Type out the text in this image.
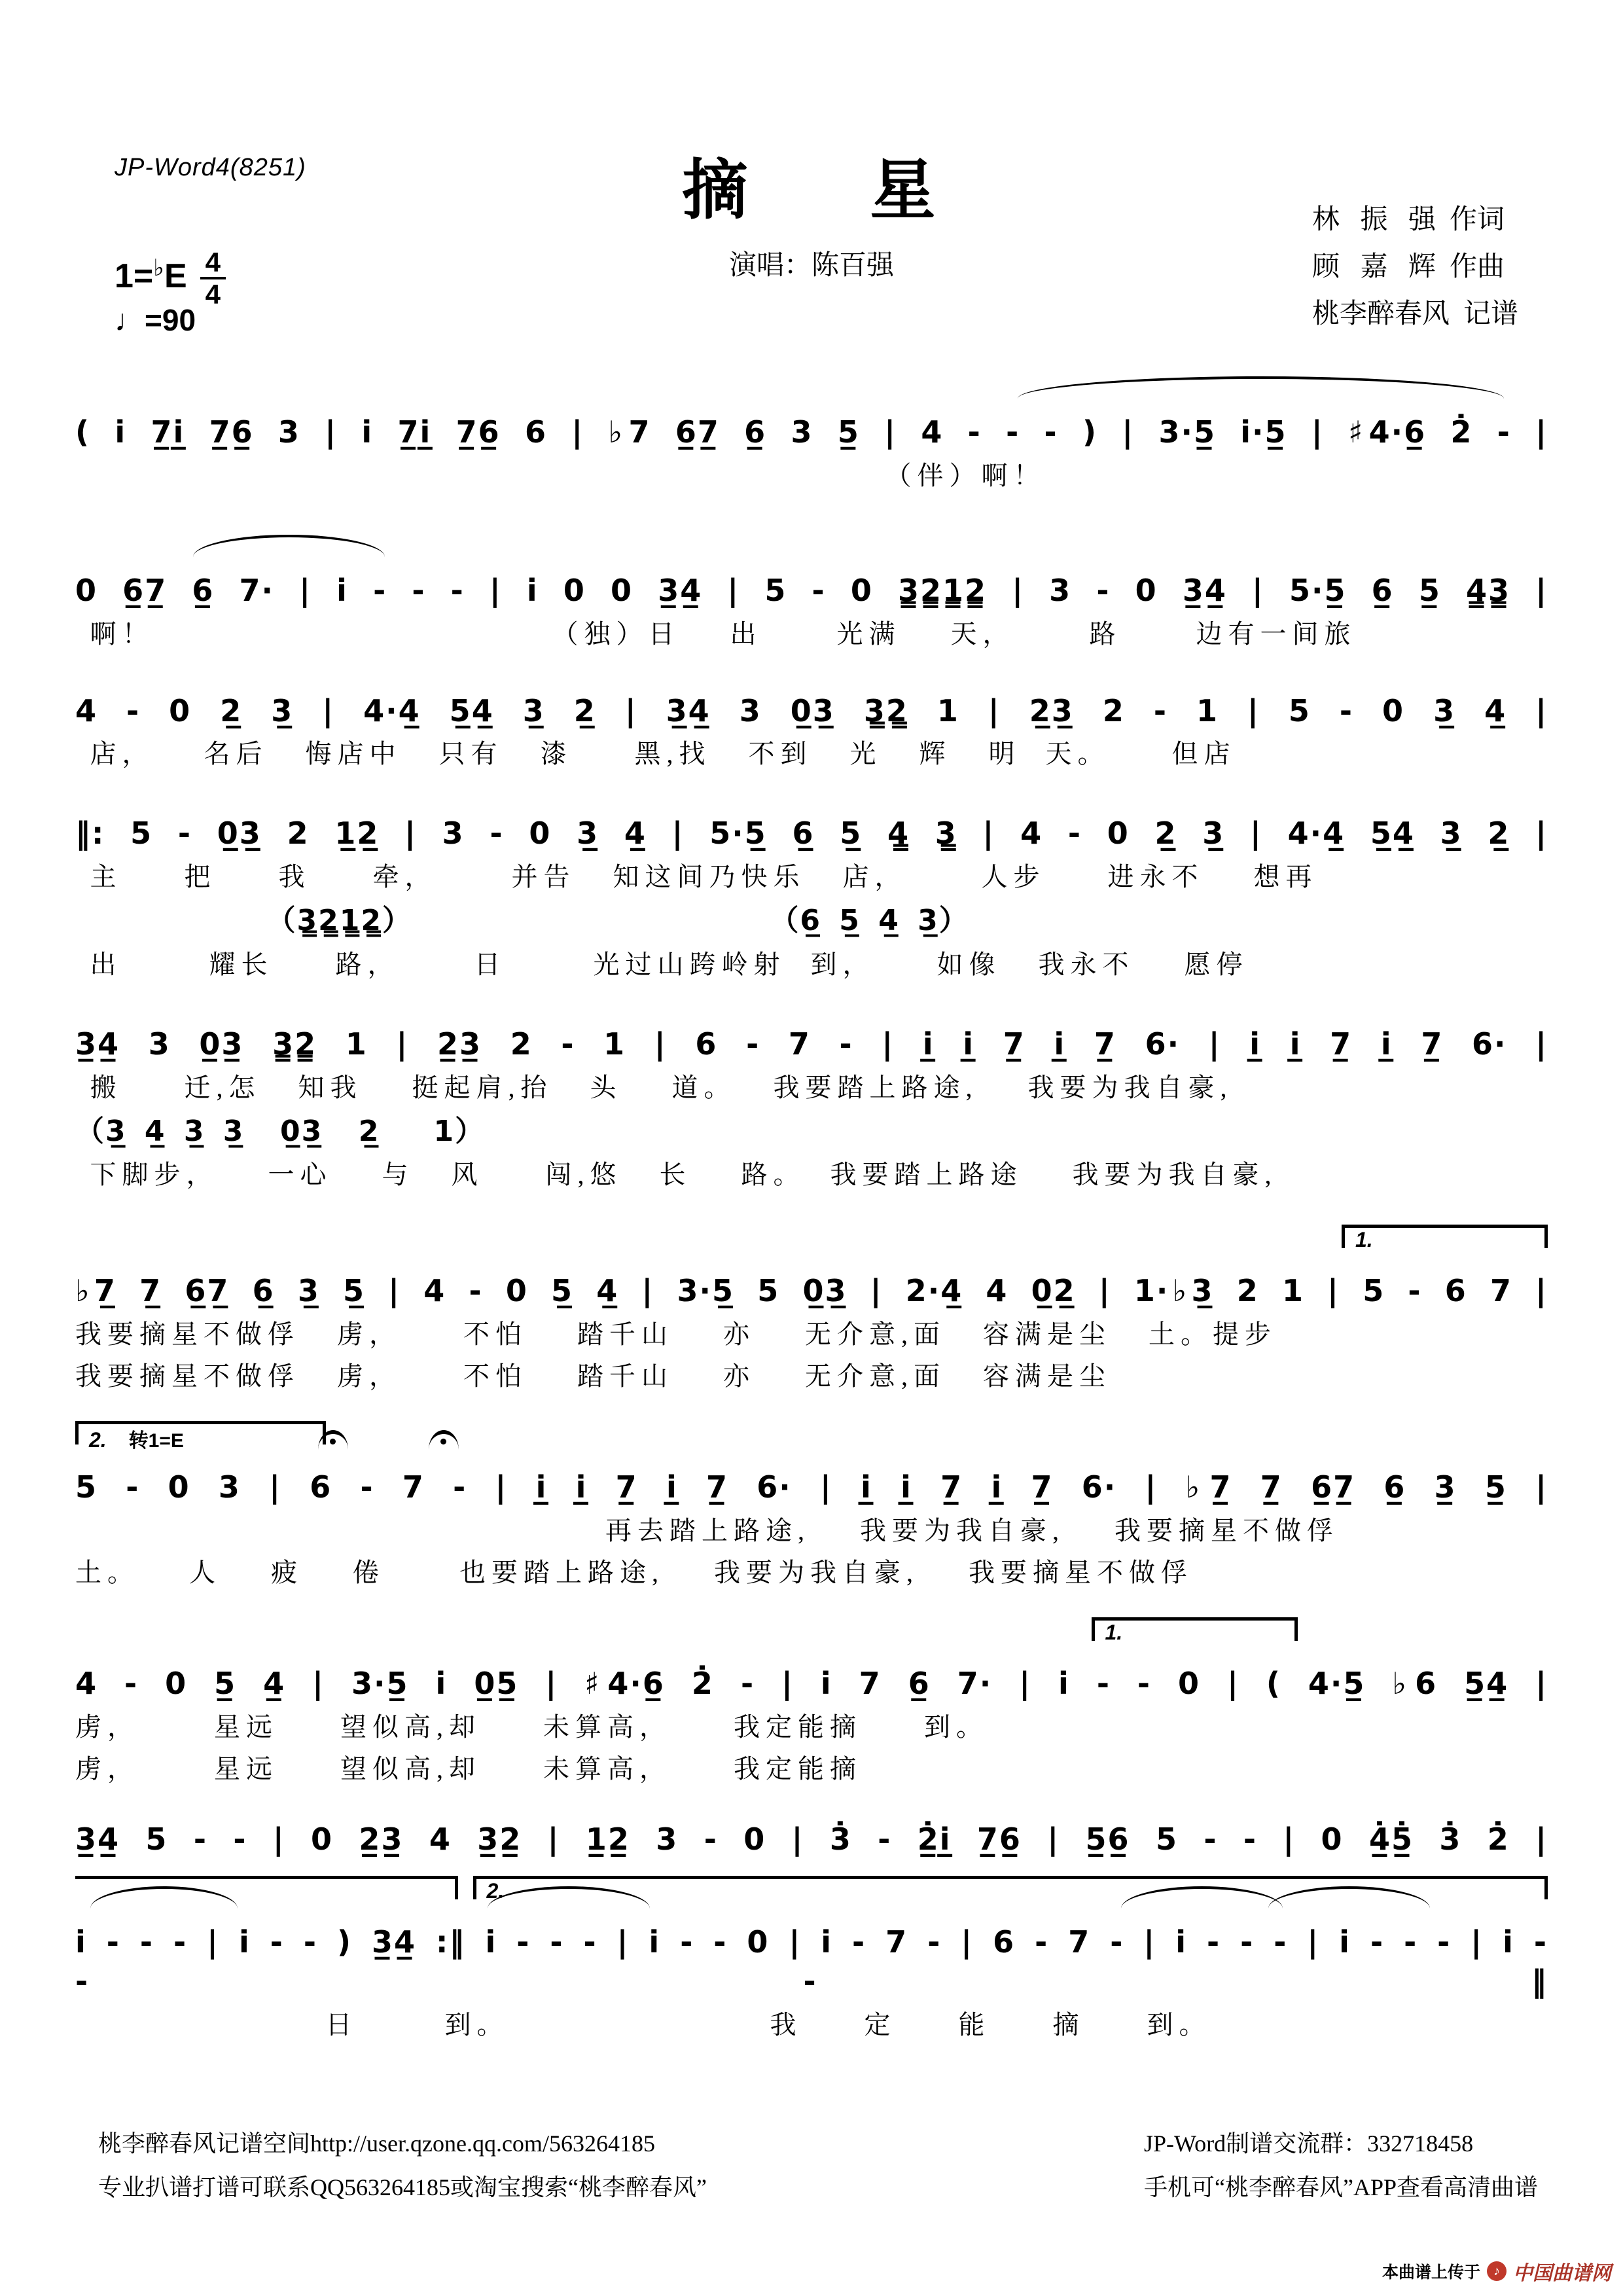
JP-Word4(8251)	摘     星
演唱：陈百强
林   振   强  作词
顾   嘉   辉  作曲
桃李醉春风  记谱
$1=^♭E \frac{4}{4}$
♩=90
( i 7̲i̲ 7̲6̲ 3 | i 7̲i̲ 7̲6̲ 6 | ♭7 6̲7̲ 6̲ 3 5̲ | 4 - - - ) | 3·5̲ i·5̲ | ♯4·6̲ 2̇ - |
（伴）啊！
0 6̲7̲ 6̲ 7· | i - - - | i 0 0 3̲4̲ | 5 - 0 3̳2̳1̳2̳ | 3 - 0 3̲4̲ | 5·5̲ 6̲ 5̲ 4̳3̳ |
啊！                                （独）日    出      光满    天，      路      边有一间旅
4 - 0 2̲ 3̲ | 4·4̲ 5̲4̲ 3̲ 2̲ | 3̲4̲ 3 0̲3̲ 3̳2̳ 1 | 2̲3̲ 2 - 1 | 5 - 0 3̲ 4̲ |
店，    名后   悔店中   只有   漆     黑,找   不到   光   辉   明  天。     但店
‖: 5 - 0̲3̲ 2 1̲2̲ | 3 - 0 3̲ 4̲ | 5·5̲ 6̲ 5̲ 4̳ 3̳ | 4 - 0 2̲ 3̲ | 4·4̲ 5̲4̲ 3̲ 2̲ |
主     把     我     牵，      并告   知这间乃快乐   店，      人步     进永不    想再
（3̳2̳1̳2̳）                    （6̲ 5̲ 4̲ 3̲）
出       耀长     路，      日       光过山跨岭射  到，     如像   我永不    愿停
3̲4̲ 3 0̲3̲ 3̳2̳ 1 | 2̲3̲ 2 - 1 | 6 - 7 - | i̲ i̲ 7̲ i̲ 7̲ 6· | i̲ i̲ 7̲ i̲ 7̲ 6· |
搬     迁,怎   知我    挺起肩,抬   头    道。   我要踏上路途,    我要为我自豪,
（3̲ 4̲ 3̲ 3̲  0̲3̲  2̲   1）
下脚步，    一心    与   风     闯,悠   长    路。  我要踏上路途    我要为我自豪,
1.
♭7̲ 7̲ 6̲7̲ 6̲ 3̲ 5̲ | 4 - 0 5̲ 4̲ | 3·5̲ 5 0̲3̲ | 2·4̲ 4 0̲2̲ | 1·♭3̲ 2 1 | 5 - 6 7 |
我要摘星不做俘   虏，     不怕    踏千山    亦    无介意,面   容满是尘   土。提步
我要摘星不做俘   虏，     不怕    踏千山    亦    无介意,面   容满是尘
2. 转1=E
5 - 0 3 | 6 - 7 - | i̲ i̲ 7̲ i̲ 7̲ 6· | i̲ i̲ 7̲ i̲ 7̲ 6· | ♭7̲ 7̲ 6̲7̲ 6̲ 3̲ 5̲ |
再去踏上路途,    我要为我自豪,    我要摘星不做俘
土。    人    疲    倦      也要踏上路途,    我要为我自豪,    我要摘星不做俘
1.
4 - 0 5̲ 4̲ | 3·5̲ i 0̲5̲ | ♯4·6̲ 2̇ - | i 7 6̲ 7· | i - - 0 | ( 4·5̲ ♭6 5̲4̲ |
虏，      星远     望似高,却     未算高，     我定能摘     到。
虏，      星远     望似高,却     未算高，     我定能摘
3̲4̲ 5 - - | 0 2̲3̲ 4 3̲2̲ | 1̲2̲ 3 - 0 | 3̇ - 2̲̇i̲ 7̲6̲ | 5̲6̲ 5 - - | 0 4̲̇5̲̇ 3̇ 2̇ |
2.
i - - - | i - - ) 3̲4̲ :‖ i - - - | i - - 0 | i - 7 - | 6 - 7 - | i - - - | i - - - | i - - - ‖
日       到。                     我     定     能     摘     到。
桃李醉春风记谱空间http://user.qzone.qq.com/563264185
专业扒谱打谱可联系QQ563264185或淘宝搜索“桃李醉春风”
JP-Word制谱交流群：332718458
手机可“桃李醉春风”APP查看高清曲谱
本曲谱上传于	♪ 中国曲谱网
